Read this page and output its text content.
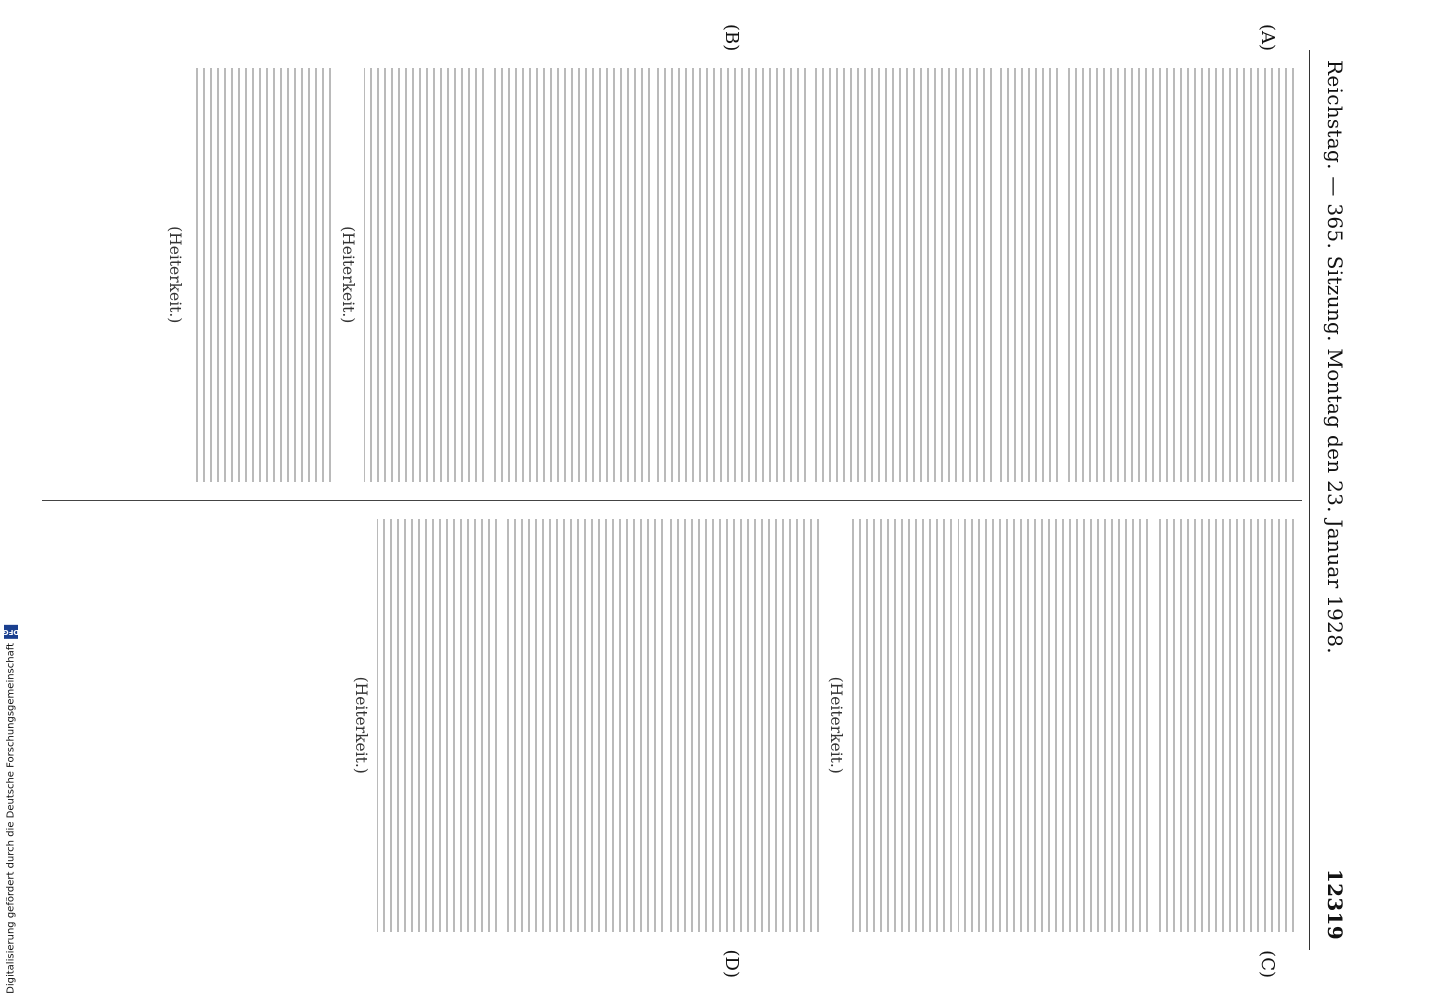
Reichstag. — 365. Sitzung. Montag den 23. Januar 1928.
12319
(A)
(B)

(Heiterkeit.)

(Heiterkeit.)
(C)
(D)

(Heiterkeit.)

(Heiterkeit.)
Digitalisierung gefördert durch die Deutsche Forschungsgemeinschaft
DFG
